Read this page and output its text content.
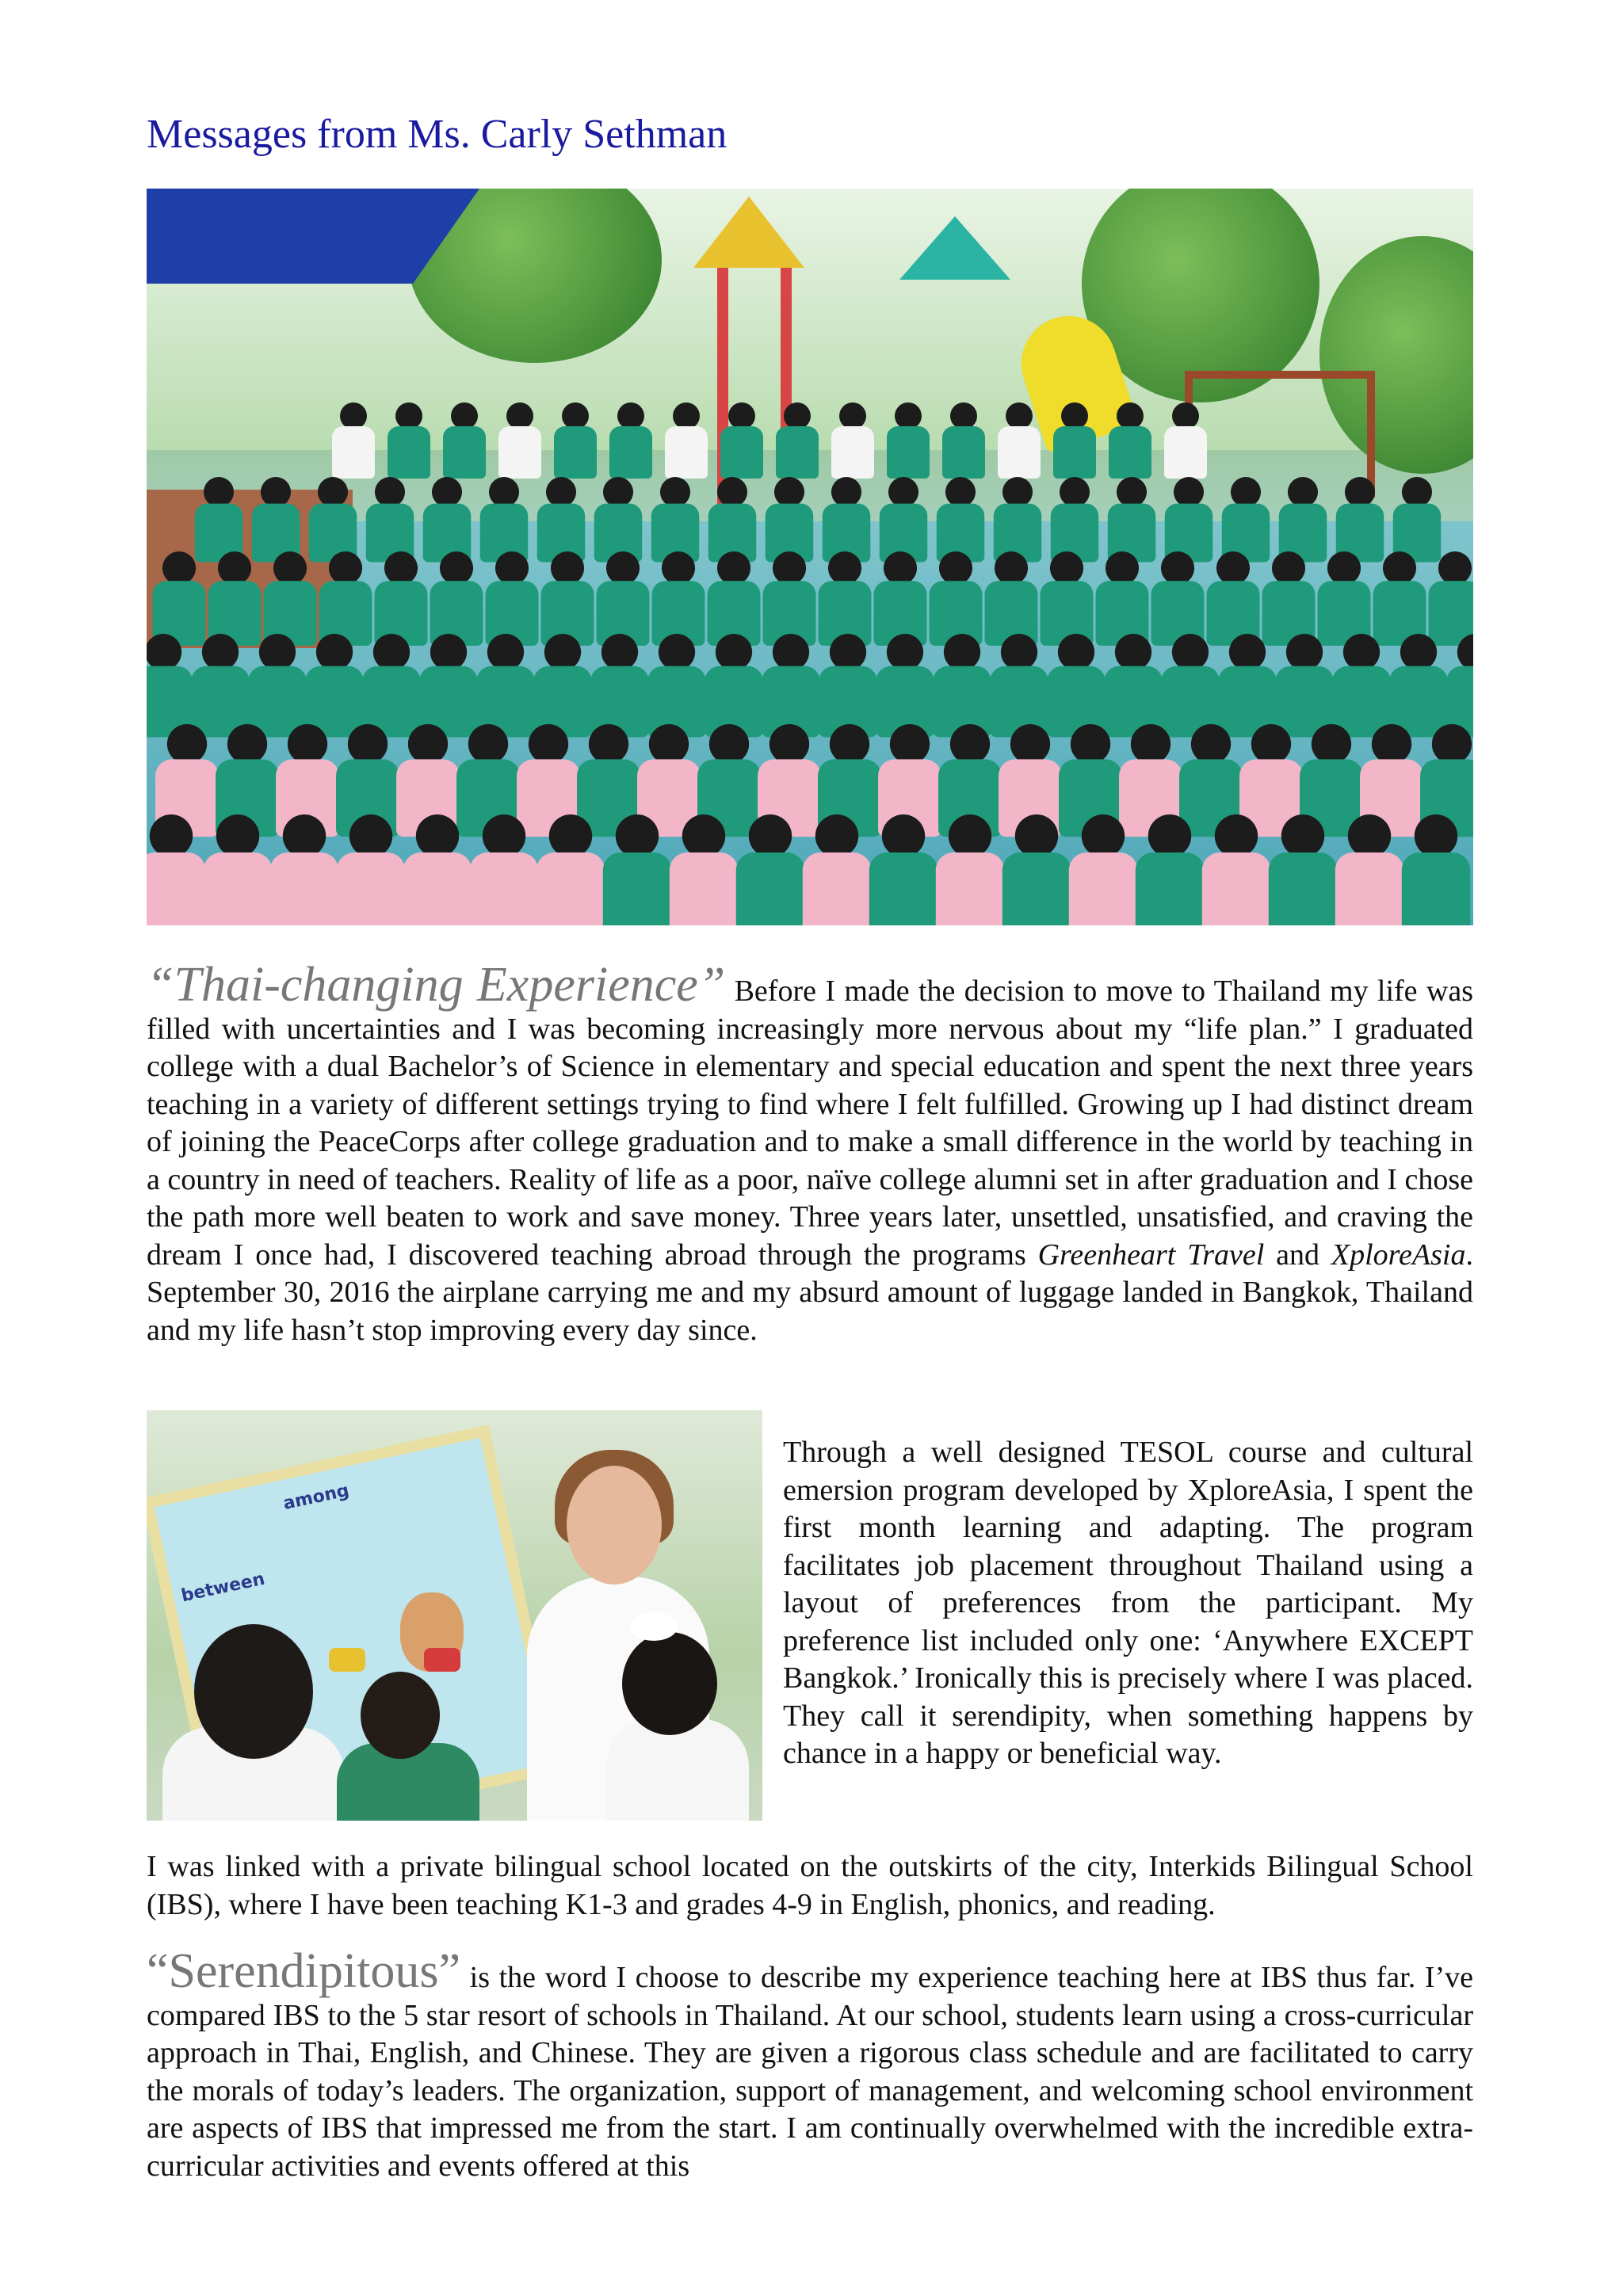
Messages from Ms. Carly Sethman

“Thai-changing Experience” Before I made the decision to move to Thailand my life was filled with uncertainties and I was becoming increasingly more nervous about my “life plan.” I graduated college with a dual Bachelor’s of Science in elementary and special education and spent the next three years teaching in a variety of different settings trying to find where I felt fulfilled. Growing up I had distinct dream of joining the PeaceCorps after college graduation and to make a small difference in the world by teaching in a country in need of teachers. Reality of life as a poor, naïve college alumni set in after graduation and I chose the path more well beaten to work and save money. Three years later, unsettled, unsatisfied, and craving the dream I once had, I discovered teaching abroad through the programs Greenheart Travel and XploreAsia. September 30, 2016 the airplane carrying me and my absurd amount of luggage landed in Bangkok, Thailand and my life hasn’t stop improving every day since.

among
between

Through a well designed TESOL course and cultural emersion program developed by XploreAsia, I spent the first month learning and adapting. The program facilitates job placement throughout Thailand using a layout of preferences from the participant. My preference list included only one: ‘Anywhere EXCEPT Bangkok.’ Ironically this is precisely where I was placed. They call it serendipity, when something happens by chance in a happy or beneficial way.

I was linked with a private bilingual school located on the outskirts of the city, Interkids Bilingual School (IBS), where I have been teaching K1-3 and grades 4-9 in English, phonics, and reading.

“Serendipitous” is the word I choose to describe my experience teaching here at IBS thus far. I’ve compared IBS to the 5 star resort of schools in Thailand. At our school, students learn using a cross-curricular approach in Thai, English, and Chinese. They are given a rigorous class schedule and are facilitated to carry the morals of today’s leaders. The organization, support of management, and welcoming school environment are aspects of IBS that impressed me from the start. I am continually overwhelmed with the incredible extra-curricular activities and events offered at this
